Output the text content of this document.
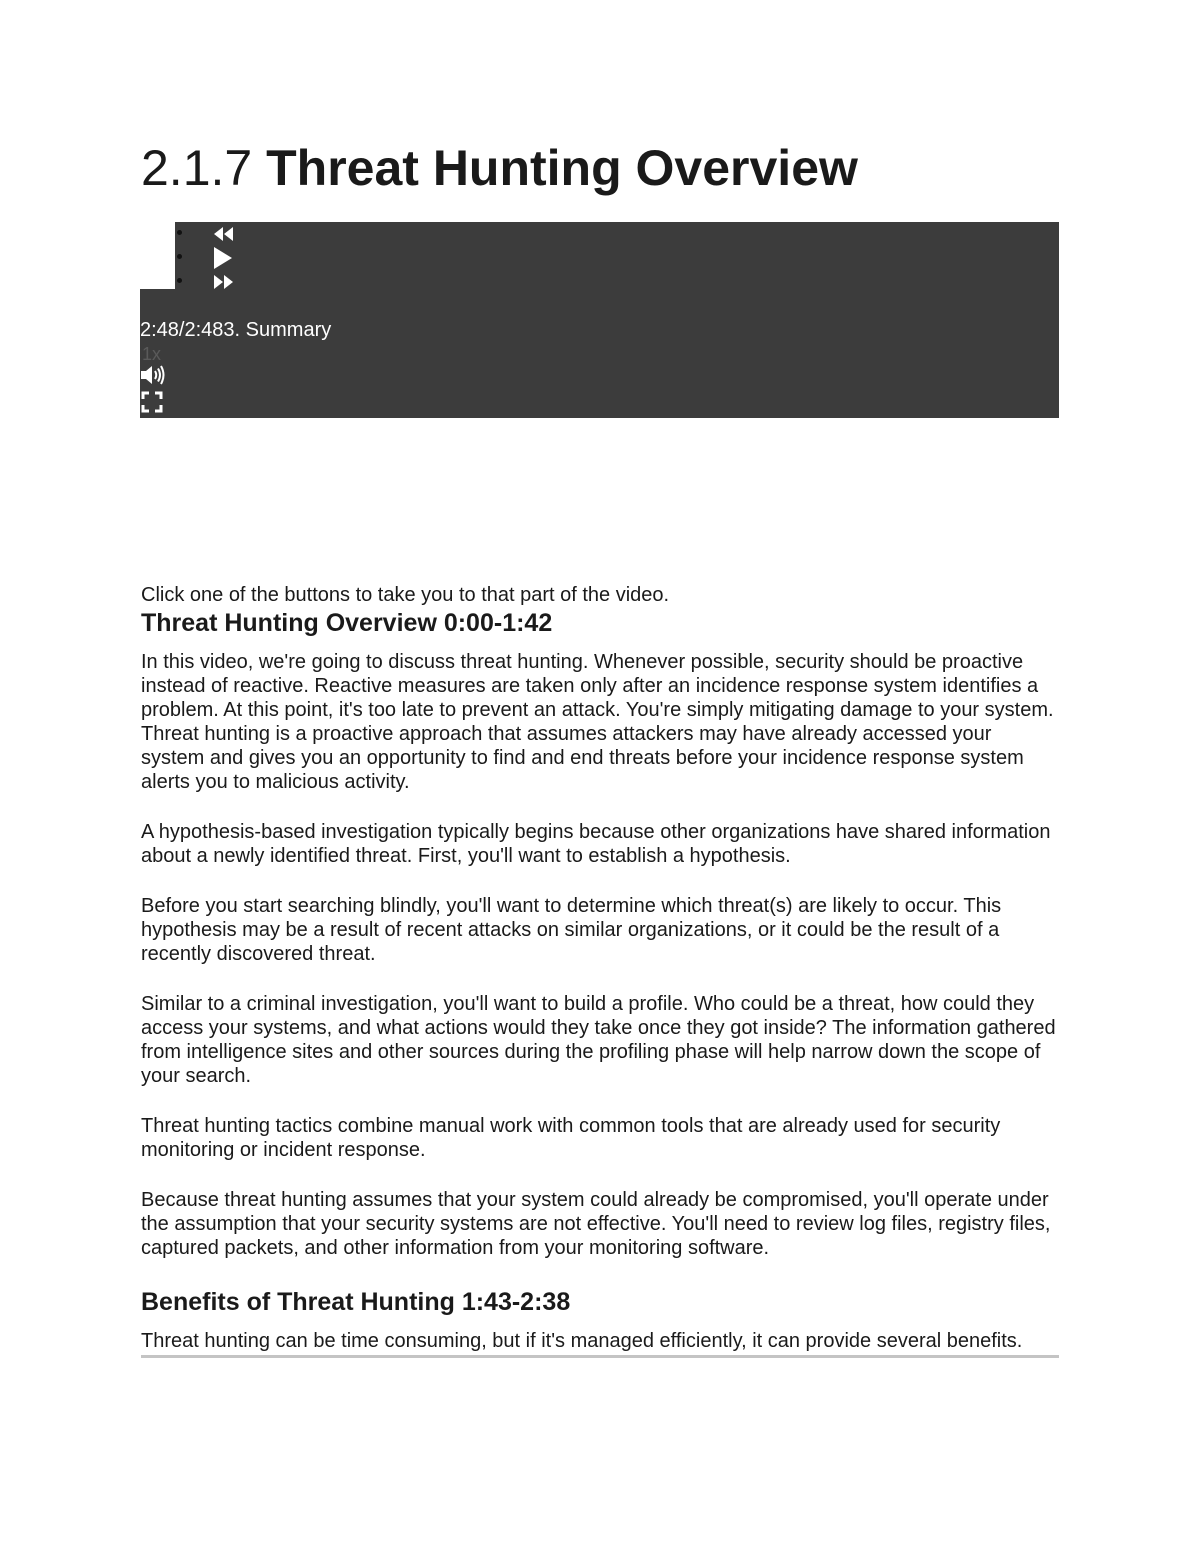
2.1.7 Threat Hunting Overview
2:48/2:483. Summary
1x

Click one of the buttons to take you to that part of the video.

Threat Hunting Overview 0:00-1:42

In this video, we're going to discuss threat hunting. Whenever possible, security should be proactive instead of reactive. Reactive measures are taken only after an incidence response system identifies a problem. At this point, it's too late to prevent an attack. You're simply mitigating damage to your system. Threat hunting is a proactive approach that assumes attackers may have already accessed your system and gives you an opportunity to find and end threats before your incidence response system alerts you to malicious activity.

A hypothesis-based investigation typically begins because other organizations have shared information about a newly identified threat. First, you'll want to establish a hypothesis.

Before you start searching blindly, you'll want to determine which threat(s) are likely to occur. This hypothesis may be a result of recent attacks on similar organizations, or it could be the result of a recently discovered threat.

Similar to a criminal investigation, you'll want to build a profile. Who could be a threat, how could they access your systems, and what actions would they take once they got inside? The information gathered from intelligence sites and other sources during the profiling phase will help narrow down the scope of your search.

Threat hunting tactics combine manual work with common tools that are already used for security monitoring or incident response.

Because threat hunting assumes that your system could already be compromised, you'll operate under the assumption that your security systems are not effective. You'll need to review log files, registry files, captured packets, and other information from your monitoring software.

Benefits of Threat Hunting 1:43-2:38

Threat hunting can be time consuming, but if it's managed efficiently, it can provide several benefits.
